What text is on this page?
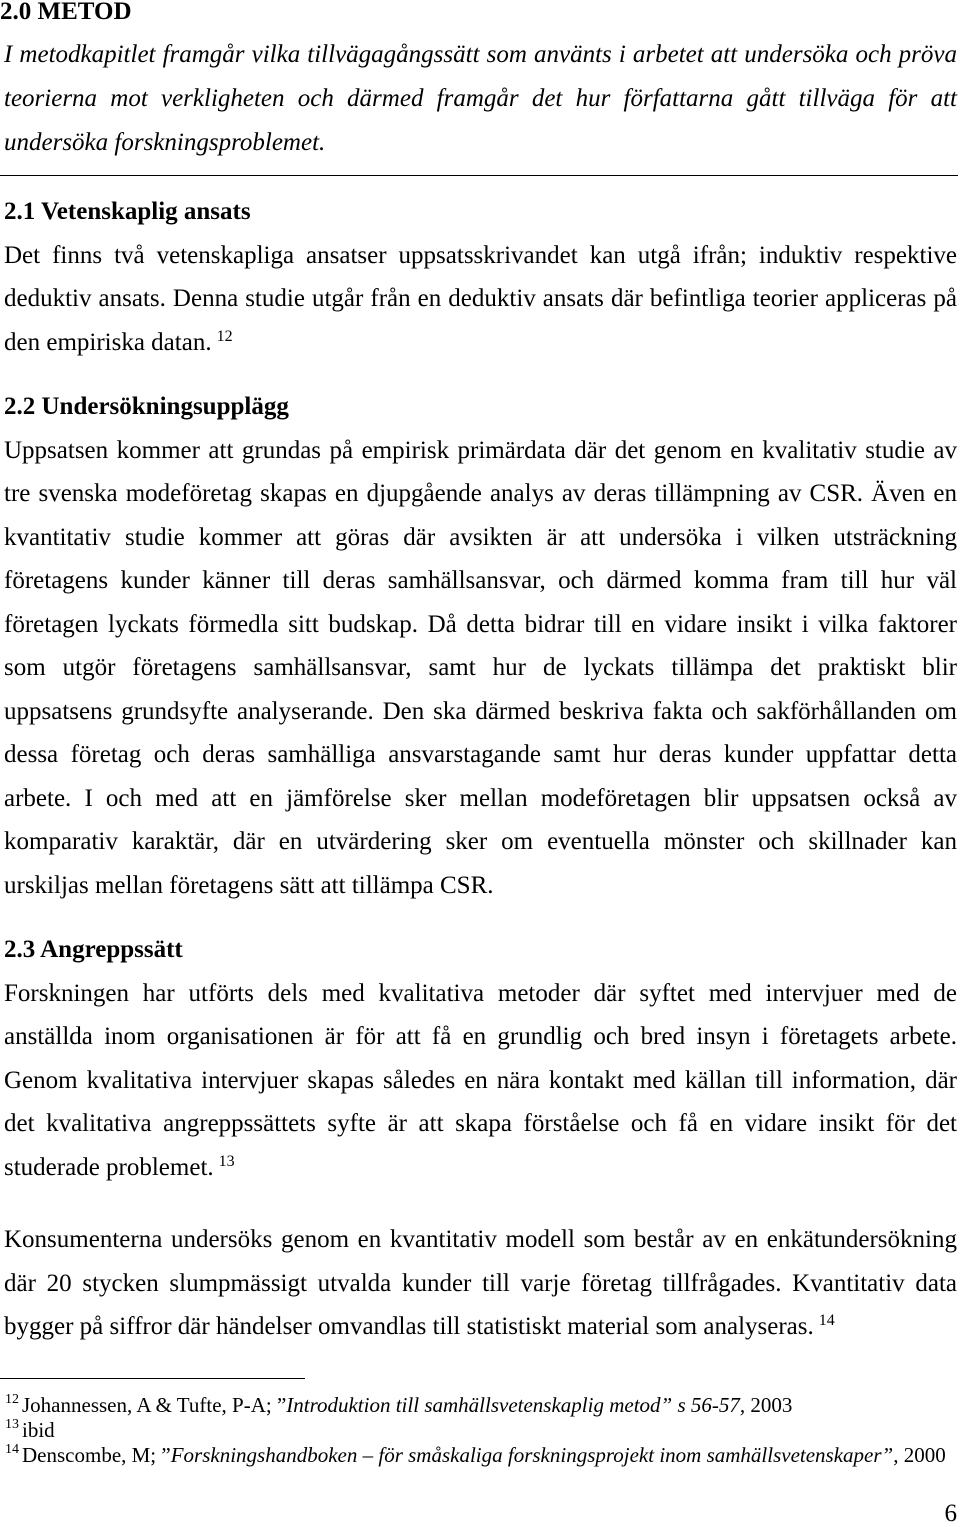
2.0 METOD
I metodkapitlet framgår vilka tillvägagångssätt som använts i arbetet att undersöka och pröva
teorierna mot verkligheten och därmed framgår det hur författarna gått tillväga för att
undersöka forskningsproblemet.
2.1 Vetenskaplig ansats
Det finns två vetenskapliga ansatser uppsatsskrivandet kan utgå ifrån; induktiv respektive
deduktiv ansats. Denna studie utgår från en deduktiv ansats där befintliga teorier appliceras på
den empiriska datan. $^{12}$
2.2 Undersökningsupplägg
Uppsatsen kommer att grundas på empirisk primärdata där det genom en kvalitativ studie av
tre svenska modeföretag skapas en djupgående analys av deras tillämpning av CSR. Även en
kvantitativ studie kommer att göras där avsikten är att undersöka i vilken utsträckning
företagens kunder känner till deras samhällsansvar, och därmed komma fram till hur väl
företagen lyckats förmedla sitt budskap. Då detta bidrar till en vidare insikt i vilka faktorer
som utgör företagens samhällsansvar, samt hur de lyckats tillämpa det praktiskt blir
uppsatsens grundsyfte analyserande. Den ska därmed beskriva fakta och sakförhållanden om
dessa företag och deras samhälliga ansvarstagande samt hur deras kunder uppfattar detta
arbete. I och med att en jämförelse sker mellan modeföretagen blir uppsatsen också av
komparativ karaktär, där en utvärdering sker om eventuella mönster och skillnader kan
urskiljas mellan företagens sätt att tillämpa CSR.
2.3 Angreppssätt
Forskningen har utförts dels med kvalitativa metoder där syftet med intervjuer med de
anställda inom organisationen är för att få en grundlig och bred insyn i företagets arbete.
Genom kvalitativa intervjuer skapas således en nära kontakt med källan till information, där
det kvalitativa angreppssättets syfte är att skapa förståelse och få en vidare insikt för det
studerade problemet. $^{13}$
Konsumenterna undersöks genom en kvantitativ modell som består av en enkätundersökning
där 20 stycken slumpmässigt utvalda kunder till varje företag tillfrågades. Kvantitativ data
bygger på siffror där händelser omvandlas till statistiskt material som analyseras. $^{14}$
12 Johannessen, A & Tufte, P-A; ”Introduktion till samhällsvetenskaplig metod” s 56-57, 2003
13 ibid
14 Denscombe, M; ”Forskningshandboken – för småskaliga forskningsprojekt inom samhällsvetenskaper”, 2000
6
